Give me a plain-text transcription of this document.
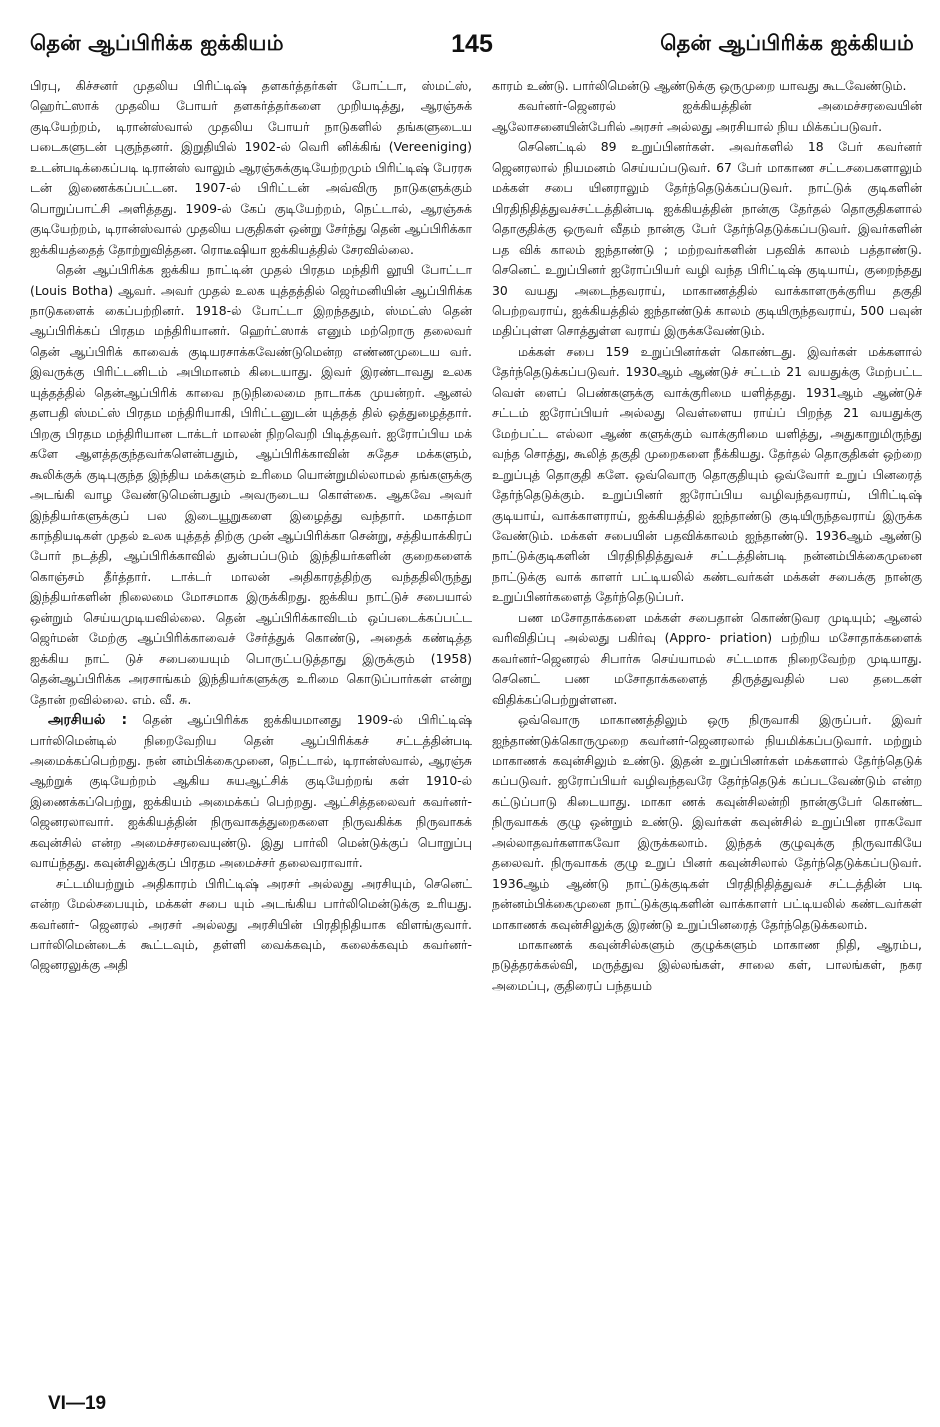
தென் ஆப்பிரிக்க ஐக்கியம்	145	தென் ஆப்பிரிக்க ஐக்கியம்

பிரபு, கிச்சனர் முதலிய பிரிட்டிஷ் தளகர்த்தர்கள் போட்டா, ஸ்மட்ஸ், ஹெர்ட்ஸாக் முதலிய போயர் தளகர்த்தர்களை முறியடித்து, ஆரஞ்சுக் குடியேற்றம், டிரான்ஸ்வால் முதலிய போயர் நாடுகளில் தங்களுடைய படைகளுடன் புகுந்தனர். இறுதியில் 1902-ல் வெரி னிக்கிங் (Vereeniging) உடன்படிக்கைப்படி டிரான்ஸ் வாலும் ஆரஞ்சுக்குடியேற்றமும் பிரிட்டிஷ் பேரரசு டன் இணைக்கப்பட்டன. 1907-ல் பிரிட்டன் அவ்விரு நாடுகளுக்கும் பொறுப்பாட்சி அளித்தது. 1909-ல் கேப் குடியேற்றம், நெட்டால், ஆரஞ்சுக் குடியேற்றம், டிரான்ஸ்வால் முதலிய பகுதிகள் ஒன்று சேர்ந்து தென் ஆப்பிரிக்கா ஐக்கியத்தைத் தோற்றுவித்தன. ரொடீஷியா ஐக்கியத்தில் சேரவில்லை.

தென் ஆப்பிரிக்க ஐக்கிய நாட்டின் முதல் பிரதம மந்திரி லூயி போட்டா (Louis Botha) ஆவர். அவர் முதல் உலக யுத்தத்தில் ஜெர்மனியின் ஆப்பிரிக்க நாடுகளைக் கைப்பற்றினர். 1918-ல் போட்டா இறந்ததும், ஸ்மட்ஸ் தென் ஆப்பிரிக்கப் பிரதம மந்திரியானர். ஹெர்ட்ஸாக் எனும் மற்றொரு தலைவர் தென் ஆப்பிரிக் காவைக் குடியரசாக்கவேண்டுமென்ற எண்ணமுடைய வர். இவருக்கு பிரிட்டனிடம் அபிமானம் கிடையாது. இவர் இரண்டாவது உலக யுத்தத்தில் தென்ஆப்பிரிக் காவை நடுநிலைமை நாடாக்க முயன்றர். ஆனல் தளபதி ஸ்மட்ஸ் பிரதம மந்திரியாகி, பிரிட்டனுடன் யுத்தத் தில் ஒத்துழைத்தார். பிறகு பிரதம மந்திரியான டாக்டர் மாலன் நிறவெறி பிடித்தவர். ஐரோப்பிய மக் களே ஆளத்தகுந்தவர்களென்பதும், ஆப்பிரிக்காவின் சுதேச மக்களும், கூலிக்குக் குடிபுகுந்த இந்திய மக்களும் உரிமை யொன்றுமில்லாமல் தங்களுக்கு அடங்கி வாழ வேண்டுமென்பதும் அவருடைய கொள்கை. ஆகவே அவர் இந்தியர்களுக்குப் பல இடையூறுகளை இழைத்து வந்தார். மகாத்மா காந்தியடிகள் முதல் உலக யுத்தத் திற்கு முன் ஆப்பிரிக்கா சென்று, சத்தியாக்கிரப் போர் நடத்தி, ஆப்பிரிக்காவில் துன்பப்படும் இந்தியர்களின் குறைகளைக் கொஞ்சம் தீர்த்தார். டாக்டர் மாலன் அதிகாரத்திற்கு வந்ததிலிருந்து இந்தியர்களின் நிலைமை மோசமாக இருக்கிறது. ஐக்கிய நாட்டுச் சபையால் ஒன்றும் செய்யமுடியவில்லை. தென் ஆப்பிரிக்காவிடம் ஒப்படைக்கப்பட்ட ஜெர்மன் மேற்கு ஆப்பிரிக்காவைச் சேர்த்துக் கொண்டு, அதைக் கண்டித்த ஐக்கிய நாட் டுச் சபையையும் பொருட்படுத்தாது இருக்கும் (1958) தென்ஆப்பிரிக்க அரசாங்கம் இந்தியர்களுக்கு உரிமை கொடுப்பார்கள் என்று தோன் றவில்லை. எம். வீ. சு.

அரசியல் : தென் ஆப்பிரிக்க ஐக்கியமானது 1909-ல் பிரிட்டிஷ் பார்லிமென்டில் நிறைவேறிய தென் ஆப்பிரிக்கச் சட்டத்தின்படி அமைக்கப்பெற்றது. நன் னம்பிக்கைமுனை, நெட்டால், டிரான்ஸ்வால், ஆரஞ்சு ஆற்றுக் குடியேற்றம் ஆகிய சுயஆட்சிக் குடியேற்றங் கள் 1910-ல் இணைக்கப்பெற்று, ஐக்கியம் அமைக்கப் பெற்றது. ஆட்சித்தலைவர் கவர்னர்-ஜெனரலாவார். ஐக்கியத்தின் நிருவாகத்துறைகளை நிருவகிக்க நிருவாகக் கவுன்சில் என்ற அமைச்சரவையுண்டு. இது பார்லி மென்டுக்குப் பொறுப்பு வாய்ந்தது. கவுன்சிலுக்குப் பிரதம அமைச்சர் தலைவராவார்.

சட்டமியற்றும் அதிகாரம் பிரிட்டிஷ் அரசர் அல்லது அரசியும், செனெட் என்ற மேல்சபையும், மக்கள் சபை யும் அடங்கிய பார்லிமென்டுக்கு உரியது. கவர்னர்- ஜெனரல் அரசர் அல்லது அரசியின் பிரதிநிதியாக விளங்குவார். பார்லிமென்டைக் கூட்டவும், தள்ளி வைக்கவும், கலைக்கவும் கவர்னர்-ஜெனரலுக்கு அதி

காரம் உண்டு. பார்லிமென்டு ஆண்டுக்கு ஒருமுறை யாவது கூடவேண்டும்.

கவர்னர்-ஜெனரல் ஐக்கியத்தின் அமைச்சரவையின் ஆலோசனையின்பேரில் அரசர் அல்லது அரசியால் நிய மிக்கப்படுவர்.

செனெட்டில் 89 உறுப்பினர்கள். அவர்களில் 18 பேர் கவர்னர் ஜெனரலால் நியமனம் செய்யப்படுவர். 67 பேர் மாகாண சட்டசபைகளாலும் மக்கள் சபை யினராலும் தேர்ந்தெடுக்கப்படுவர். நாட்டுக் குடிகளின் பிரதிநிதித்துவச்சட்டத்தின்படி ஐக்கியத்தின் நான்கு தேர்தல் தொகுதிகளால் தொகுதிக்கு ஒருவர் வீதம் நான்கு பேர் தேர்ந்தெடுக்கப்படுவர். இவர்களின் பத விக் காலம் ஐந்தாண்டு ; மற்றவர்களின் பதவிக் காலம் பத்தாண்டு. செனெட் உறுப்பினர் ஐரோப்பியர் வழி வந்த பிரிட்டிஷ் குடியாய், குறைந்தது 30 வயது அடைந்தவராய், மாகாணத்தில் வாக்காளருக்குரிய தகுதி பெற்றவராய், ஐக்கியத்தில் ஐந்தாண்டுக் காலம் குடியிருந்தவராய், 500 பவுன் மதிப்புள்ள சொத்துள்ள வராய் இருக்கவேண்டும்.

மக்கள் சபை 159 உறுப்பினர்கள் கொண்டது. இவர்கள் மக்களால் தேர்ந்தெடுக்கப்படுவர். 1930ஆம் ஆண்டுச் சட்டம் 21 வயதுக்கு மேற்பட்ட வெள் ளைப் பெண்களுக்கு வாக்குரிமை யளித்தது. 1931ஆம் ஆண்டுச் சட்டம் ஐரோப்பியர் அல்லது வெள்ளைய ராய்ப் பிறந்த 21 வயதுக்கு மேற்பட்ட எல்லா ஆண் களுக்கும் வாக்குரிமை யளித்து, அதுகாறுமிருந்து வந்த சொத்து, கூலித் தகுதி முறைகளை நீக்கியது. தேர்தல் தொகுதிகள் ஒற்றை உறுப்புத் தொகுதி களே. ஒவ்வொரு தொகுதியும் ஒவ்வோர் உறுப் பினரைத் தேர்ந்தெடுக்கும். உறுப்பினர் ஐரோப்பிய வழிவந்தவராய், பிரிட்டிஷ் குடியாய், வாக்காளராய், ஐக்கியத்தில் ஐந்தாண்டு குடியிருந்தவராய் இருக்க வேண்டும். மக்கள் சபையின் பதவிக்காலம் ஐந்தாண்டு. 1936ஆம் ஆண்டு நாட்டுக்குடிகளின் பிரதிநிதித்துவச் சட்டத்தின்படி நன்னம்பிக்கைமுனை நாட்டுக்கு வாக் காளர் பட்டியலில் கண்டவர்கள் மக்கள் சபைக்கு நான்கு உறுப்பினர்களைத் தேர்ந்தெடுப்பர்.

பண மசோதாக்களை மக்கள் சபைதான் கொண்டுவர முடியும்; ஆனல் வரிவிதிப்பு அல்லது பகிர்வு (Appro- priation) பற்றிய மசோதாக்களைக் கவர்னர்-ஜெனரல் சிபார்சு செய்யாமல் சட்டமாக நிறைவேற்ற முடியாது. செனெட் பண மசோதாக்களைத் திருத்துவதில் பல தடைகள் விதிக்கப்பெற்றுள்ளன.

ஒவ்வொரு மாகாணத்திலும் ஒரு நிருவாகி இருப்பர். இவர் ஐந்தாண்டுக்கொருமுறை கவர்னர்-ஜெனரலால் நியமிக்கப்படுவார். மற்றும் மாகாணக் கவுன்சிலும் உண்டு. இதன் உறுப்பினர்கள் மக்களால் தேர்ந்தெடுக் கப்படுவர். ஐரோப்பியர் வழிவந்தவரே தேர்ந்தெடுக் கப்படவேண்டும் என்ற கட்டுப்பாடு கிடையாது. மாகா ணக் கவுன்சிலன்றி நான்குபேர் கொண்ட நிருவாகக் குழு ஒன்றும் உண்டு. இவர்கள் கவுன்சில் உறுப்பின ராகவோ அல்லாதவர்களாகவோ இருக்கலாம். இந்தக் குழுவுக்கு நிருவாகியே தலைவர். நிருவாகக் குழு உறுப் பினர் கவுன்சிலால் தேர்ந்தெடுக்கப்படுவர். 1936ஆம் ஆண்டு நாட்டுக்குடிகள் பிரதிநிதித்துவச் சட்டத்தின் படி நன்னம்பிக்கைமுனை நாட்டுக்குடிகளின் வாக்காளர் பட்டியலில் கண்டவர்கள் மாகாணக் கவுன்சிலுக்கு இரண்டு உறுப்பினரைத் தேர்ந்தெடுக்கலாம்.

மாகாணக் கவுன்சில்களும் குழுக்களும் மாகாண நிதி, ஆரம்ப, நடுத்தரக்கல்வி, மருத்துவ இல்லங்கள், சாலை கள், பாலங்கள், நகர அமைப்பு, குதிரைப் பந்தயம்

VI—19
